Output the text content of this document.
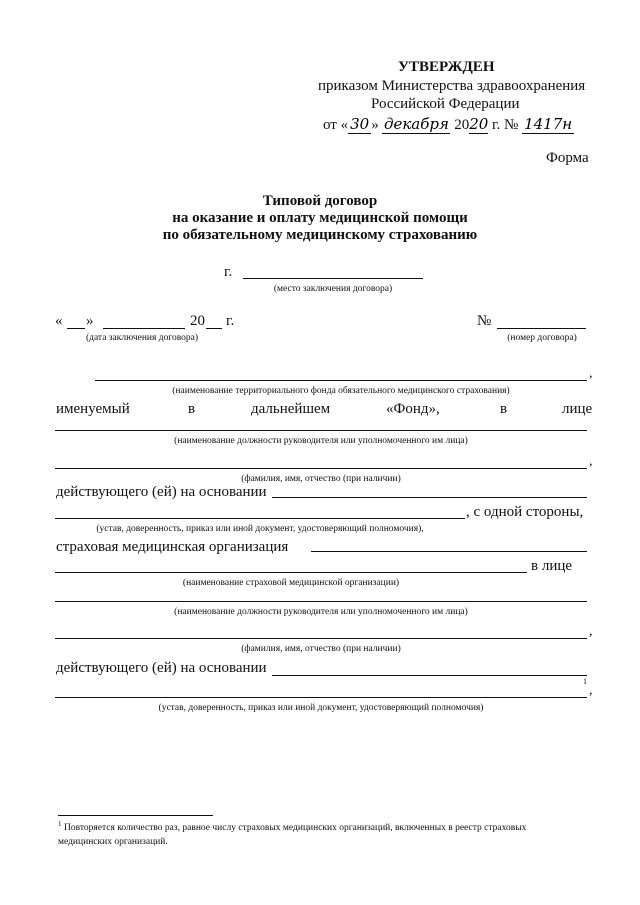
УТВЕРЖДЕН
приказом Министерства здравоохранения
Российской Федерации
от « 30 » декабря 2020 г. № 1417н
Форма
Типовой договор
на оказание и оплату медицинской помощи
по обязательному медицинскому страхованию
г.
(место заключения договора)
« »	20 г.
(дата заключения договора)
№
(номер договора)
,
(наименование территориального фонда обязательного медицинского страхования)
именуемый	в	дальнейшем	«Фонд»,	в	лице
(наименование должности руководителя или уполномоченного им лица)
,
(фамилия, имя, отчество (при наличии)
действующего (ей) на основании
, с одной стороны,
(устав, доверенность, приказ или иной документ, удостоверяющий полномочия),
страховая медицинская организация
в лице
(наименование страховой медицинской организации)
(наименование должности руководителя или уполномоченного им лица)
,
(фамилия, имя, отчество (при наличии)
действующего (ей) на основании
1
,
(устав, доверенность, приказ или иной документ, удостоверяющий полномочия)
1 Повторяется количество раз, равное числу страховых медицинских организаций, включенных в реестр страховых
медицинских организаций.
